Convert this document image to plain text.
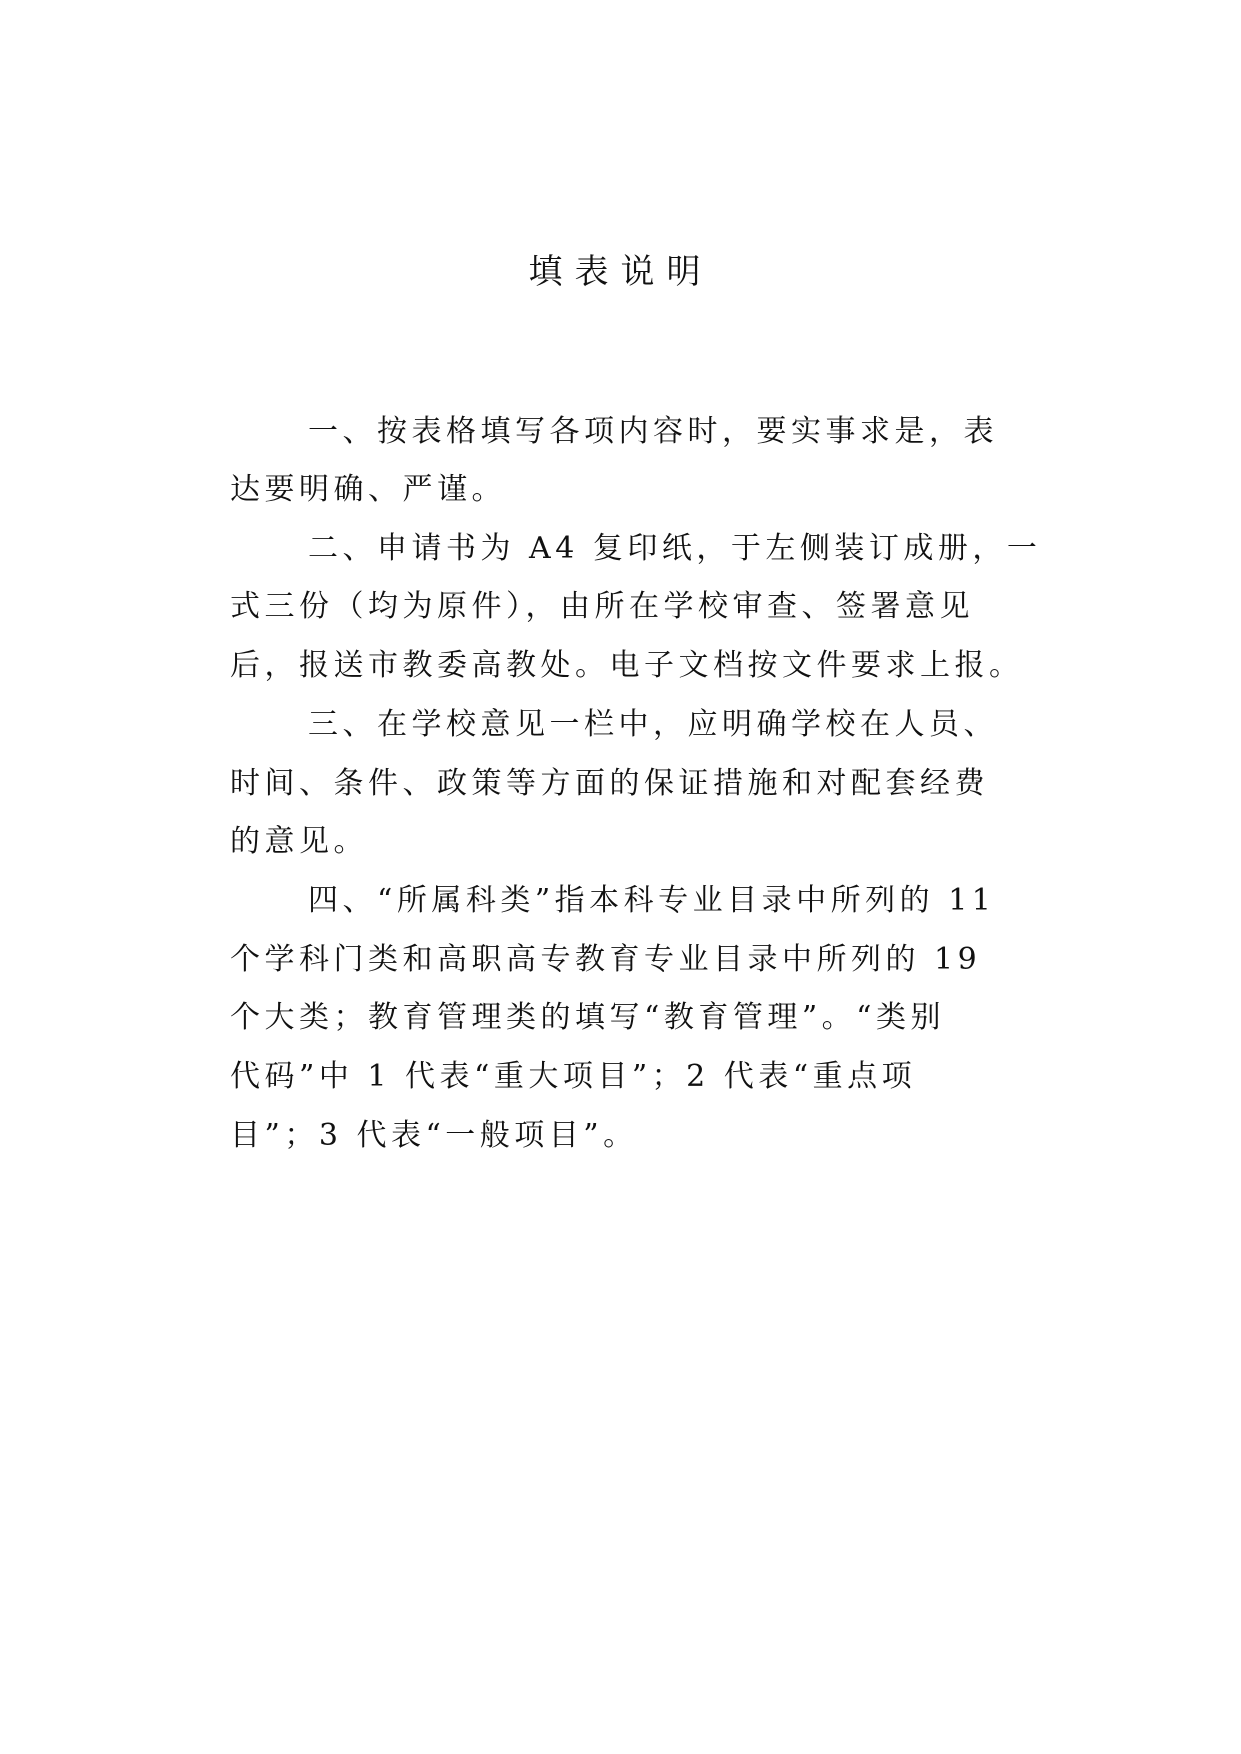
填表说明
一、按表格填写各项内容时，要实事求是，表
达要明确、严谨。
二、申请书为 A4 复印纸，于左侧装订成册，一
式三份（均为原件），由所在学校审查、签署意见
后，报送市教委高教处。电子文档按文件要求上报。
三、在学校意见一栏中，应明确学校在人员、
时间、条件、政策等方面的保证措施和对配套经费
的意见。
四、“所属科类”指本科专业目录中所列的 11
个学科门类和高职高专教育专业目录中所列的 19
个大类；教育管理类的填写“教育管理”。“类别
代码”中 1 代表“重大项目”；2 代表“重点项
目”；3 代表“一般项目”。
